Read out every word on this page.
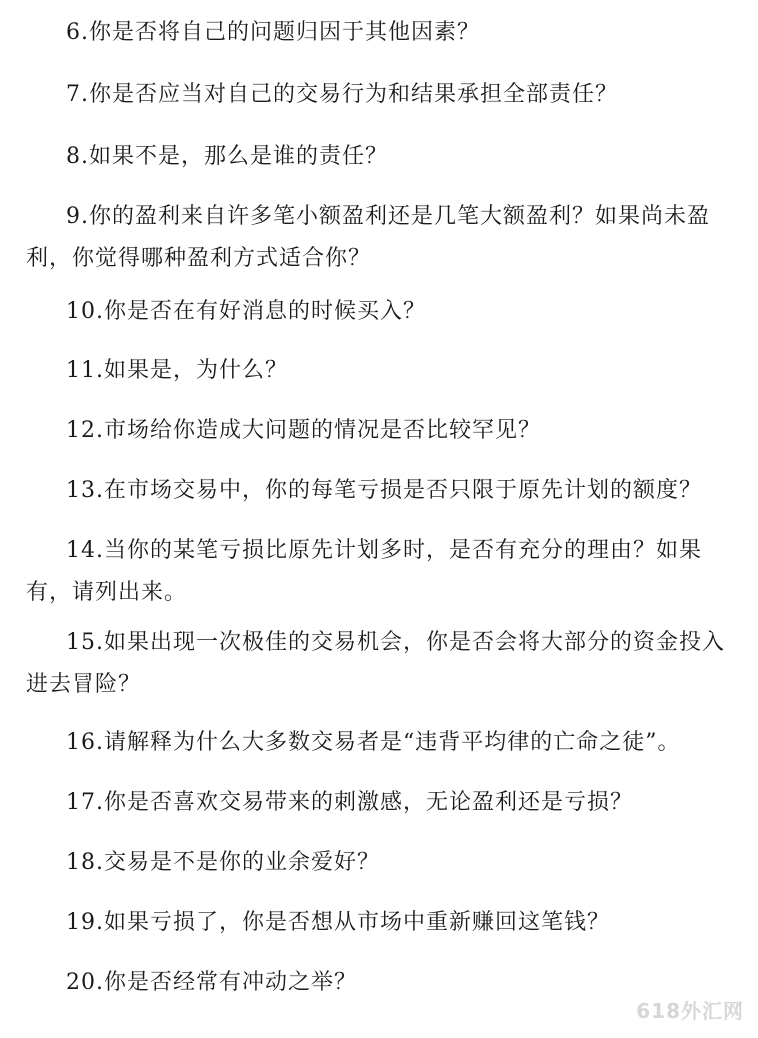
6.你是否将自己的问题归因于其他因素？

7.你是否应当对自己的交易行为和结果承担全部责任？

8.如果不是，那么是谁的责任？

9.你的盈利来自许多笔小额盈利还是几笔大额盈利？如果尚未盈利，你觉得哪种盈利方式适合你？

10.你是否在有好消息的时候买入？

11.如果是，为什么？

12.市场给你造成大问题的情况是否比较罕见？

13.在市场交易中，你的每笔亏损是否只限于原先计划的额度？

14.当你的某笔亏损比原先计划多时，是否有充分的理由？如果有，请列出来。

15.如果出现一次极佳的交易机会，你是否会将大部分的资金投入进去冒险？

16.请解释为什么大多数交易者是“违背平均律的亡命之徒”。

17.你是否喜欢交易带来的刺激感，无论盈利还是亏损？

18.交易是不是你的业余爱好？

19.如果亏损了，你是否想从市场中重新赚回这笔钱？

20.你是否经常有冲动之举？

618外汇网
